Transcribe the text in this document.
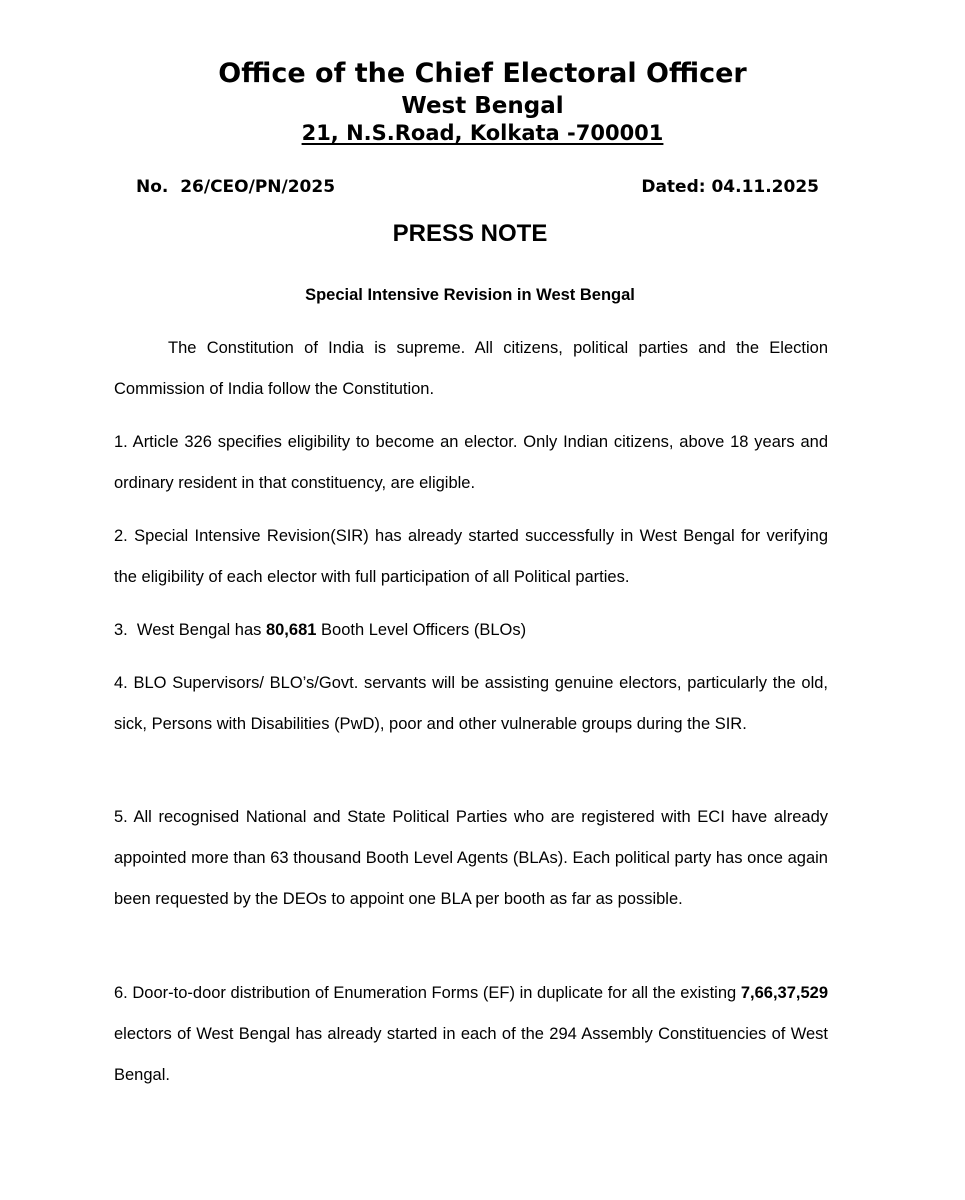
Office of the Chief Electoral Officer
West Bengal
21, N.S.Road, Kolkata -700001
No.  26/CEO/PN/2025	Dated: 04.11.2025
PRESS NOTE
Special Intensive Revision in West Bengal

The Constitution of India is supreme. All citizens, political parties and the Election Commission of India follow the Constitution.

1. Article 326 specifies eligibility to become an elector. Only Indian citizens, above 18 years and ordinary resident in that constituency, are eligible.

2. Special Intensive Revision(SIR) has already started successfully in West Bengal for verifying the eligibility of each elector with full participation of all Political parties.

3.  West Bengal has 80,681 Booth Level Officers (BLOs)

4. BLO Supervisors/ BLO’s/Govt. servants will be assisting genuine electors, particularly the old, sick, Persons with Disabilities (PwD), poor and other vulnerable groups during the SIR.

5. All recognised National and State Political Parties who are registered with ECI have already appointed more than 63 thousand Booth Level Agents (BLAs). Each political party has once again been requested by the DEOs to appoint one BLA per booth as far as possible.

6. Door-to-door distribution of Enumeration Forms (EF) in duplicate for all the existing 7,66,37,529 electors of West Bengal has already started in each of the 294 Assembly Constituencies of West Bengal.
